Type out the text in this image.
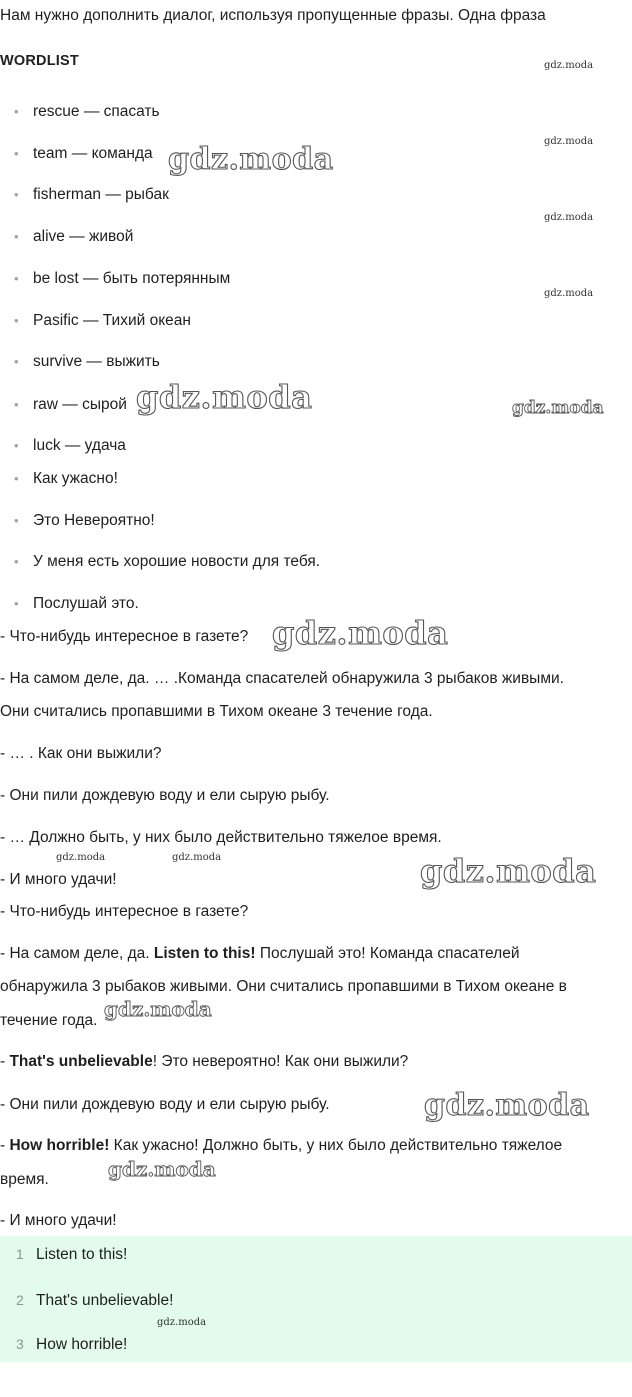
Нам нужно дополнить диалог, используя пропущенные фразы. Одна фраза
WORDLIST
• rescue — спасать
• team — команда
• fisherman — рыбак
• alive — живой
• be lost — быть потерянным
• Pasific — Тихий океан
• survive — выжить
• raw — сырой
• luck — удача
• Как ужасно!
• Это Невероятно!
• У меня есть хорошие новости для тебя.
• Послушай это.
- Что-нибудь интересное в газете?
- На самом деле, да. … .Команда спасателей обнаружила 3 рыбаков живыми.
Они считались пропавшими в Тихом океане 3 течение года.
- … . Как они выжили?
- Они пили дождевую воду и ели сырую рыбу.
- … Должно быть, у них было действительно тяжелое время.
- И много удачи!
- Что-нибудь интересное в газете?
- На самом деле, да. Listen to this! Послушай это! Команда спасателей
обнаружила 3 рыбаков живыми. Они считались пропавшими в Тихом океане в
течение года.
- That's unbelievable! Это невероятно! Как они выжили?
- Они пили дождевую воду и ели сырую рыбу.
- How horrible! Как ужасно! Должно быть, у них было действительно тяжелое
время.
- И много удачи!
1 Listen to this!
2 That's unbelievable!
3 How horrible!
gdz.moda
gdz.moda
gdz.moda
gdz.moda
gdz.moda	gdz.moda
gdz.moda
gdz.moda
gdz.moda
gdz.moda
gdz.moda
gdz.moda
gdz.moda
gdz.moda
gdz.moda
